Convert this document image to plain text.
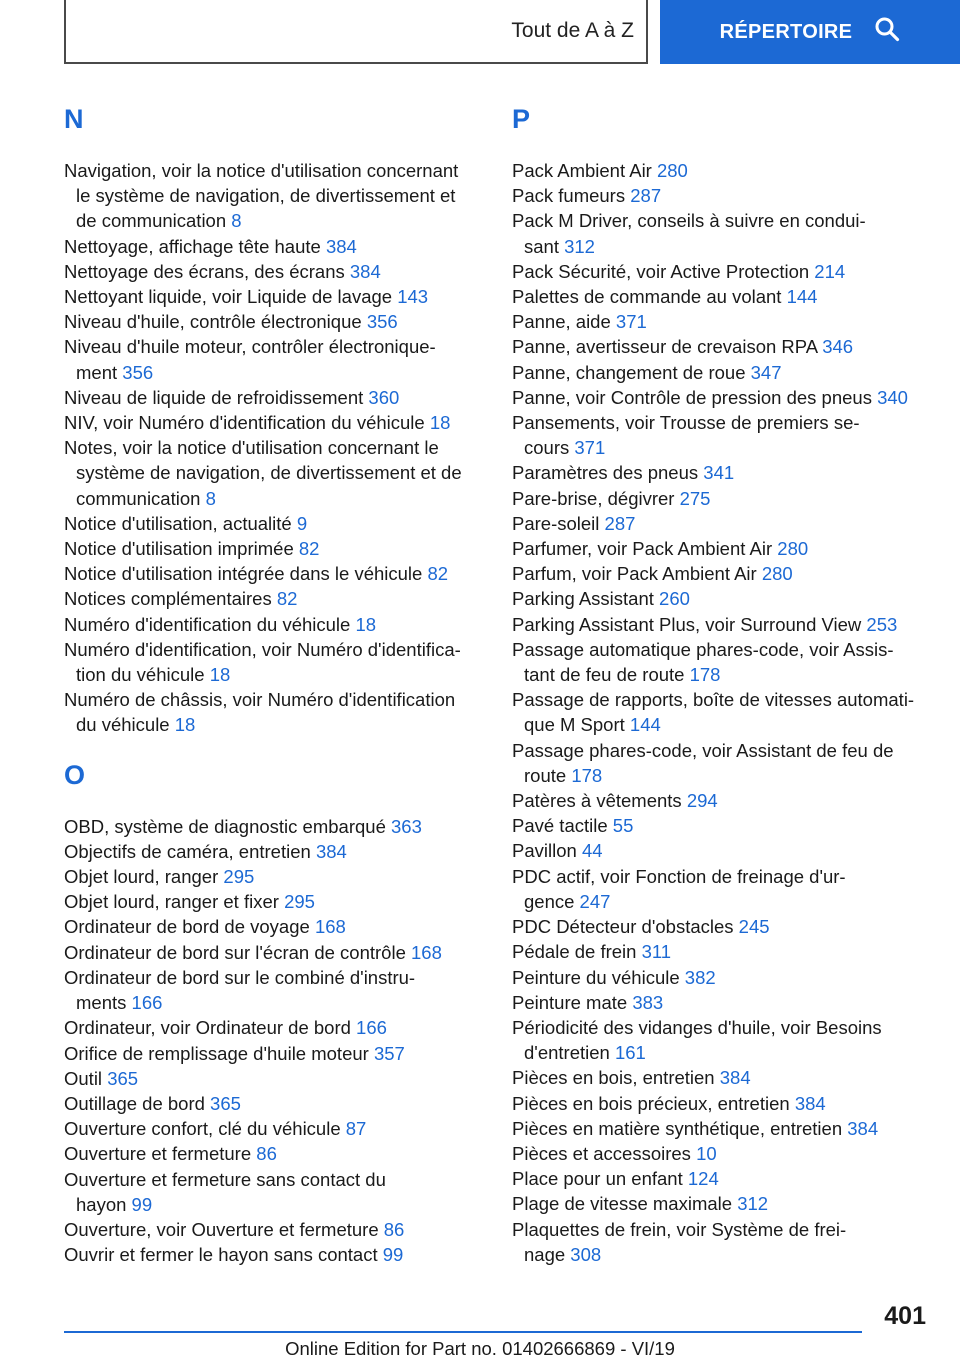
Tout de A à Z	RÉPERTOIRE
N
Navigation, voir la notice d'utilisation concernant
le système de navigation, de divertissement et
de communication 8
Nettoyage, affichage tête haute 384
Nettoyage des écrans, des écrans 384
Nettoyant liquide, voir Liquide de lavage 143
Niveau d'huile, contrôle électronique 356
Niveau d'huile moteur, contrôler électronique-
ment 356
Niveau de liquide de refroidissement 360
NIV, voir Numéro d'identification du véhicule 18
Notes, voir la notice d'utilisation concernant le
système de navigation, de divertissement et de
communication 8
Notice d'utilisation, actualité 9
Notice d'utilisation imprimée 82
Notice d'utilisation intégrée dans le véhicule 82
Notices complémentaires 82
Numéro d'identification du véhicule 18
Numéro d'identification, voir Numéro d'identifica-
tion du véhicule 18
Numéro de châssis, voir Numéro d'identification
du véhicule 18
O
OBD, système de diagnostic embarqué 363
Objectifs de caméra, entretien 384
Objet lourd, ranger 295
Objet lourd, ranger et fixer 295
Ordinateur de bord de voyage 168
Ordinateur de bord sur l'écran de contrôle 168
Ordinateur de bord sur le combiné d'instru-
ments 166
Ordinateur, voir Ordinateur de bord 166
Orifice de remplissage d'huile moteur 357
Outil 365
Outillage de bord 365
Ouverture confort, clé du véhicule 87
Ouverture et fermeture 86
Ouverture et fermeture sans contact du
hayon 99
Ouverture, voir Ouverture et fermeture 86
Ouvrir et fermer le hayon sans contact 99
P
Pack Ambient Air 280
Pack fumeurs 287
Pack M Driver, conseils à suivre en condui-
sant 312
Pack Sécurité, voir Active Protection 214
Palettes de commande au volant 144
Panne, aide 371
Panne, avertisseur de crevaison RPA 346
Panne, changement de roue 347
Panne, voir Contrôle de pression des pneus 340
Pansements, voir Trousse de premiers se-
cours 371
Paramètres des pneus 341
Pare-brise, dégivrer 275
Pare-soleil 287
Parfumer, voir Pack Ambient Air 280
Parfum, voir Pack Ambient Air 280
Parking Assistant 260
Parking Assistant Plus, voir Surround View 253
Passage automatique phares-code, voir Assis-
tant de feu de route 178
Passage de rapports, boîte de vitesses automati-
que M Sport 144
Passage phares-code, voir Assistant de feu de
route 178
Patères à vêtements 294
Pavé tactile 55
Pavillon 44
PDC actif, voir Fonction de freinage d'ur-
gence 247
PDC Détecteur d'obstacles 245
Pédale de frein 311
Peinture du véhicule 382
Peinture mate 383
Périodicité des vidanges d'huile, voir Besoins
d'entretien 161
Pièces en bois, entretien 384
Pièces en bois précieux, entretien 384
Pièces en matière synthétique, entretien 384
Pièces et accessoires 10
Place pour un enfant 124
Plage de vitesse maximale 312
Plaquettes de frein, voir Système de frei-
nage 308
401
Online Edition for Part no. 01402666869 - VI/19
